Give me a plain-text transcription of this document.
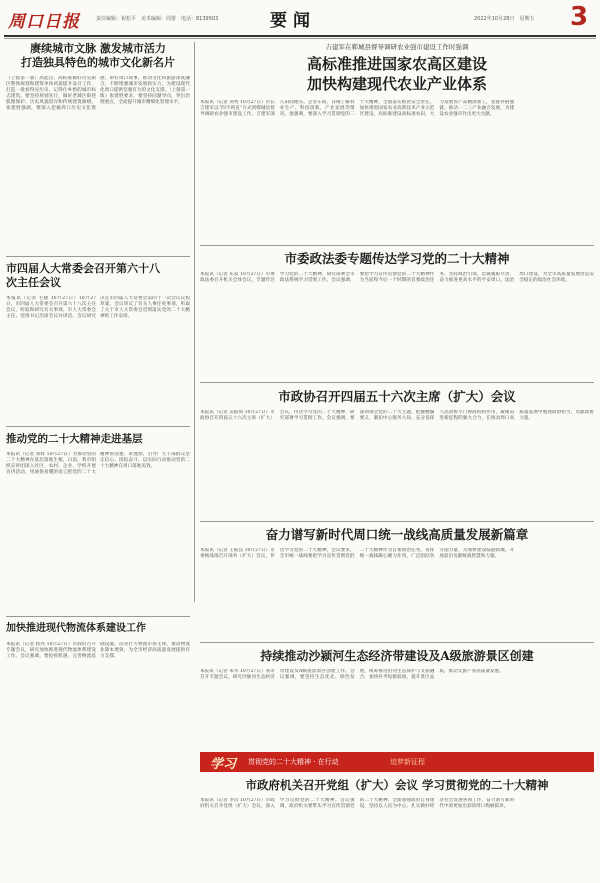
周口日报	责任编辑：祝松平　美术编辑：周蕾　电话：8139503	要闻	2022年10月28日　星期五 3
赓续城市文脉 激发城市活力
打造独具特色的城市文化新名片
（上接第一版）高起点、高标准做好历史街区整体规划和建筑单体风貌提升设计工作，打造一批看得见历史、记得住乡愁的城市标志建筑。要坚持规划先行，做好老城区街巷肌理保护、历史风貌留存和传统建筑修缮。张建胜强调，要深入挖掘周口历史文化资源，讲好周口故事，推动文化和旅游深度融合，不断增强城市发展软实力，为建设现代化周口提供坚强有力的文化支撑。（上接第一版）张建胜要求，要坚持问题导向，突出治理重点，全面提升城市精细化管理水平。
市四届人大常委会召开第六十八
次主任会议
本报讯（记者 毛晓 10月27日）10月27日，市四届人大常委会召开第六十八次主任会议，听取和研究有关事项。市人大常委会主任、党组书记出席会议并讲话。会议研究决定市四届人大常委会第四十一次会议议程草案。会议审议了有关人事任免事项，听取了关于市人大常委会贯彻落实党的二十大精神的工作安排。
推动党的二十大精神走进基层
本报讯（记者 刘辉 10月27日）为推动党的二十大精神在基层落地生根，日前，我市组织宣讲团深入社区、农村、企业、学校开展宣讲活动，用通俗易懂的语言把党的二十大精神讲清楚、讲透彻，引导广大干部群众坚定信心、团结奋斗，以实际行动推动党的二十大精神在周口落地见效。
加快推进现代物流体系建设工作
本报讯（记者 程亮 10月27日）市政府召开专题会议，研究加快推进现代物流体系建设工作。会议强调，要抢抓机遇，完善物流基础设施，培育壮大物流市场主体，推动物流业降本增效，为全市经济高质量发展提供有力支撑。
吉建军在郸城县督导调研农业强市建设工作时强调
高标准推进国家农高区建设
加快构建现代农业产业体系
本报讯（记者 刘秀 10月27日）市长吉建军以“四不两直”方式到郸城县督导调研农业强市建设工作。吉建军深入田间地头、企业车间，详细了解农业生产、科技创新、产业发展等情况。他强调，要深入学习贯彻党的二十大精神，全面落实粮食安全责任，加快推进国家农业高新技术产业示范区建设，高标准建设高标准农田，大力发展农产品精深加工，延链补链强链，推动一二三产业融合发展，为建设农业强市作出更大贡献。
市委政法委专题传达学习党的二十大精神
本报讯（记者 乐发 10月27日）市委政法委召开机关全体会议，专题传达学习党的二十大精神，研究部署全市政法系统学习贯彻工作。会议强调，要把学习宣传贯彻党的二十大精神作为当前和今后一个时期的首要政治任务，坚持政治引领，忠诚履职尽责，奋力推进更高水平的平安周口、法治周口建设，为全市高质量发展营造安全稳定的政治社会环境。
市政协召开四届五十六次主席（扩大）会议
本报讯（记者 吴振海 10月27日）市政协召开四届五十六次主席（扩大）会议，传达学习党的二十大精神，研究部署学习贯彻工作。会议强调，要深刻领会党的二十大主题，把握精髓要义，紧扣中心服务大局，充分发挥人民政协专门协商机构作用，凝聚奋进新征程的强大合力，在推动周口高质量发展中展现政协担当、贡献政协力量。
奋力谱写新时代周口统一战线高质量发展新篇章
本报讯（记者 王振良 10月27日）市委统战部召开部务（扩大）会议，传达学习党的二十大精神。会议要求，全市统一战线要把学习宣传贯彻党的二十大精神作为首要政治任务，发挥统一战线凝心聚力作用，广泛团结各方面力量，为加快建设临港新城、开放前沿贡献统战智慧和力量。
持续推动沙颍河生态经济带建设及A级旅游景区创建
本报讯（记者 朱华 10月27日）我市召开专题会议，研究沙颍河生态经济带建设及A级旅游景区创建工作。会议强调，要坚持生态优先、绿色发展，统筹推进沿河生态保护与文旅融合，加快补齐短板弱项，提升景区品质，推动文旅产业高质量发展。
学习 贯彻党的二十大精神 · 在行动	追梦新征程
市政府机关召开党组（扩大）会议 学习贯彻党的二十大精神
本报讯（记者 李肖 10月27日）市政府机关召开党组（扩大）会议，深入学习贯彻党的二十大精神。会议强调，政府机关要带头学习宣传贯彻党的二十大精神，全面加强政府自身建设，坚持以人民为中心，扎实做好经济社会发展各项工作，奋力谱写新时代中原更加出彩的周口绚丽篇章。
